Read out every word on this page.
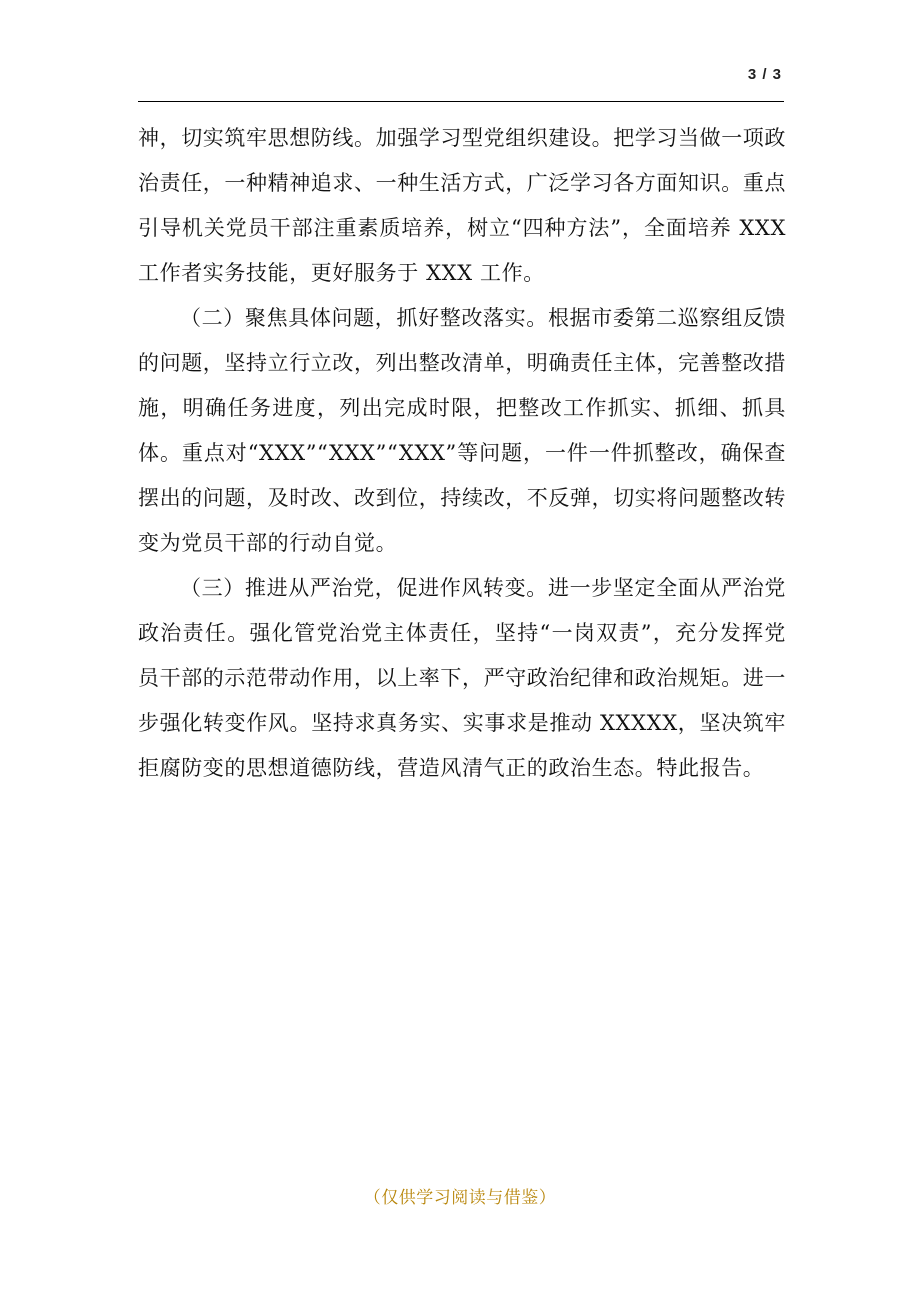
3 / 3

神，切实筑牢思想防线。加强学习型党组织建设。把学习当做一项政治责任，一种精神追求、一种生活方式，广泛学习各方面知识。重点引导机关党员干部注重素质培养，树立“四种方法”，全面培养 XXX 工作者实务技能，更好服务于 XXX 工作。

（二）聚焦具体问题，抓好整改落实。根据市委第二巡察组反馈的问题，坚持立行立改，列出整改清单，明确责任主体，完善整改措施，明确任务进度，列出完成时限，把整改工作抓实、抓细、抓具体。重点对“XXX”“XXX”“XXX”等问题，一件一件抓整改，确保查摆出的问题，及时改、改到位，持续改，不反弹，切实将问题整改转变为党员干部的行动自觉。

（三）推进从严治党，促进作风转变。进一步坚定全面从严治党政治责任。强化管党治党主体责任，坚持“一岗双责”，充分发挥党员干部的示范带动作用，以上率下，严守政治纪律和政治规矩。进一步强化转变作风。坚持求真务实、实事求是推动 XXXXX，坚决筑牢拒腐防变的思想道德防线，营造风清气正的政治生态。特此报告。

（仅供学习阅读与借鉴）
